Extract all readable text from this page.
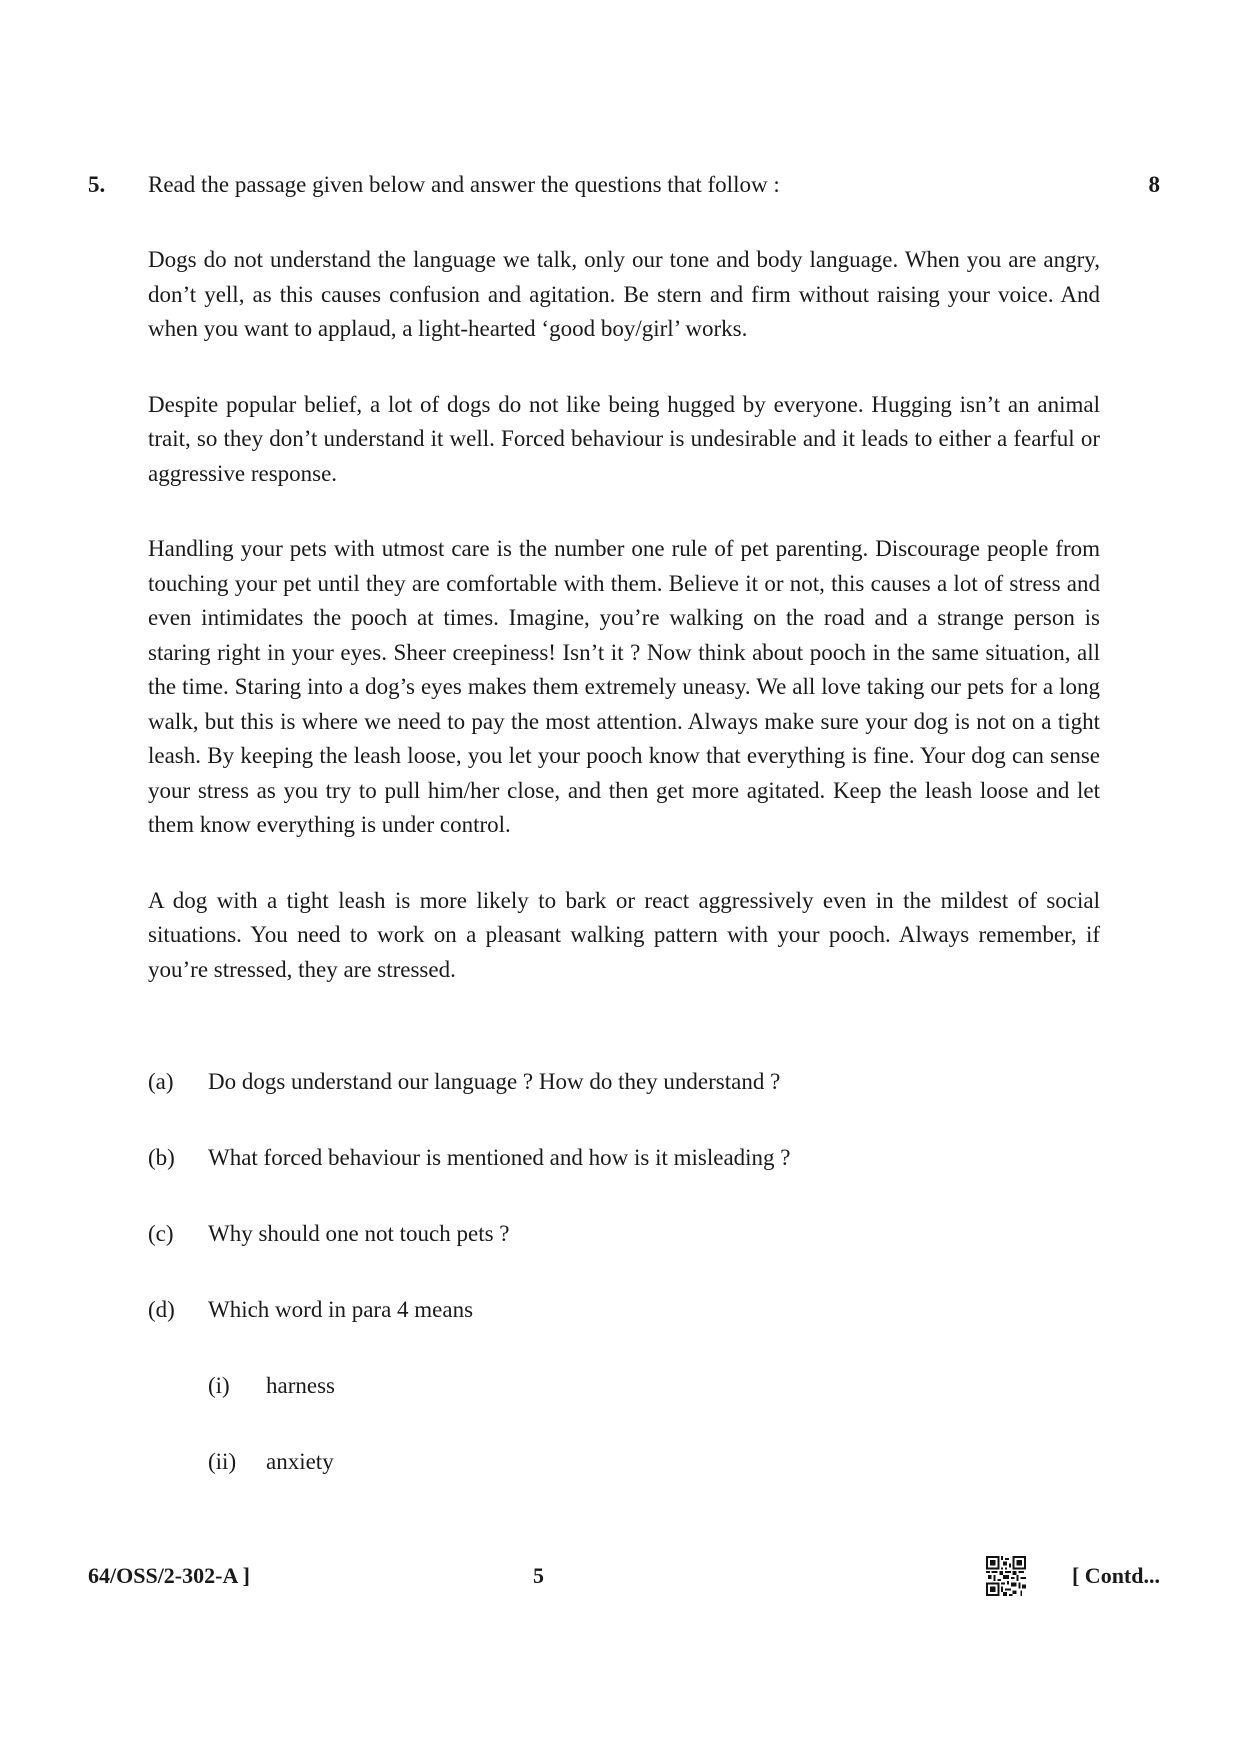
5. Read the passage given below and answer the questions that follow :	8

Dogs do not understand the language we talk, only our tone and body language. When you are angry, don’t yell, as this causes confusion and agitation. Be stern and firm without raising your voice. And when you want to applaud, a light-hearted ‘good boy/girl’ works.

Despite popular belief, a lot of dogs do not like being hugged by everyone. Hugging isn’t an animal trait, so they don’t understand it well. Forced behaviour is undesirable and it leads to either a fearful or aggressive response.

Handling your pets with utmost care is the number one rule of pet parenting. Discourage people from touching your pet until they are comfortable with them. Believe it or not, this causes a lot of stress and even intimidates the pooch at times. Imagine, you’re walking on the road and a strange person is staring right in your eyes. Sheer creepiness! Isn’t it ? Now think about pooch in the same situation, all the time. Staring into a dog’s eyes makes them extremely uneasy. We all love taking our pets for a long walk, but this is where we need to pay the most attention. Always make sure your dog is not on a tight leash. By keeping the leash loose, you let your pooch know that everything is fine. Your dog can sense your stress as you try to pull him/her close, and then get more agitated. Keep the leash loose and let them know everything is under control.

A dog with a tight leash is more likely to bark or react aggressively even in the mildest of social situations. You need to work on a pleasant walking pattern with your pooch. Always remember, if you’re stressed, they are stressed.

(a) Do dogs understand our language ? How do they understand ?
(b) What forced behaviour is mentioned and how is it misleading ?
(c) Why should one not touch pets ?
(d) Which word in para 4 means
(i) harness
(ii) anxiety
64/OSS/2-302-A ]	5	[ Contd...
